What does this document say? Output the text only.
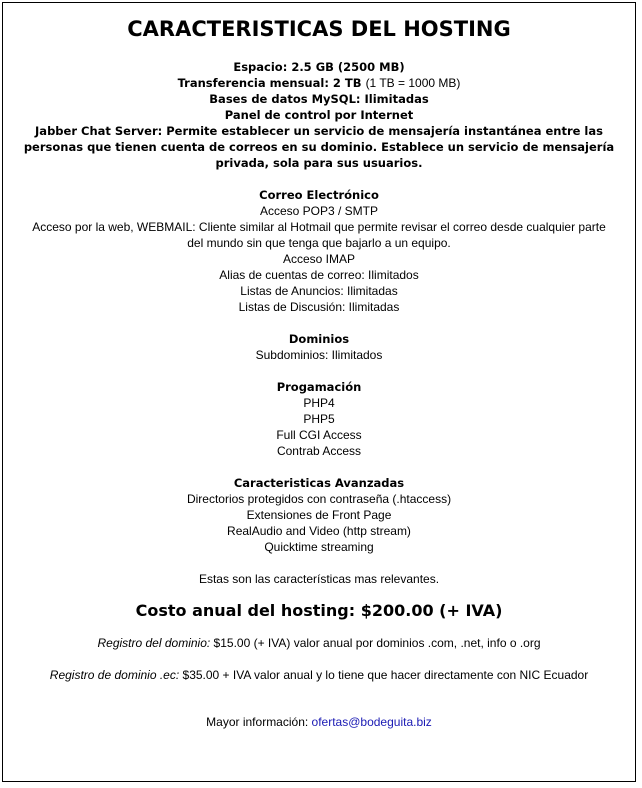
CARACTERISTICAS DEL HOSTING
Espacio: 2.5 GB (2500 MB)
Transferencia mensual: 2 TB (1 TB = 1000 MB)
Bases de datos MySQL: Ilimitadas
Panel de control por Internet
Jabber Chat Server: Permite establecer un servicio de mensajería instantánea entre las personas que tienen cuenta de correos en su dominio. Establece un servicio de mensajería privada, sola para sus usuarios.
Correo Electrónico
Acceso POP3 / SMTP
Acceso por la web, WEBMAIL: Cliente similar al Hotmail que permite revisar el correo desde cualquier parte del mundo sin que tenga que bajarlo a un equipo.
Acceso IMAP
Alias de cuentas de correo: Ilimitados
Listas de Anuncios: Ilimitadas
Listas de Discusión: Ilimitadas
Dominios
Subdominios: Ilimitados
Progamación
PHP4
PHP5
Full CGI Access
Contrab Access
Caracteristicas Avanzadas
Directorios protegidos con contraseña (.htaccess)
Extensiones de Front Page
RealAudio and Video (http stream)
Quicktime streaming
Estas son las características mas relevantes.
Costo anual del hosting: $200.00 (+ IVA)
Registro del dominio: $15.00 (+ IVA) valor anual por dominios .com, .net, info o .org
Registro de dominio .ec: $35.00 + IVA valor anual y lo tiene que hacer directamente con NIC Ecuador
Mayor información: ofertas@bodeguita.biz
